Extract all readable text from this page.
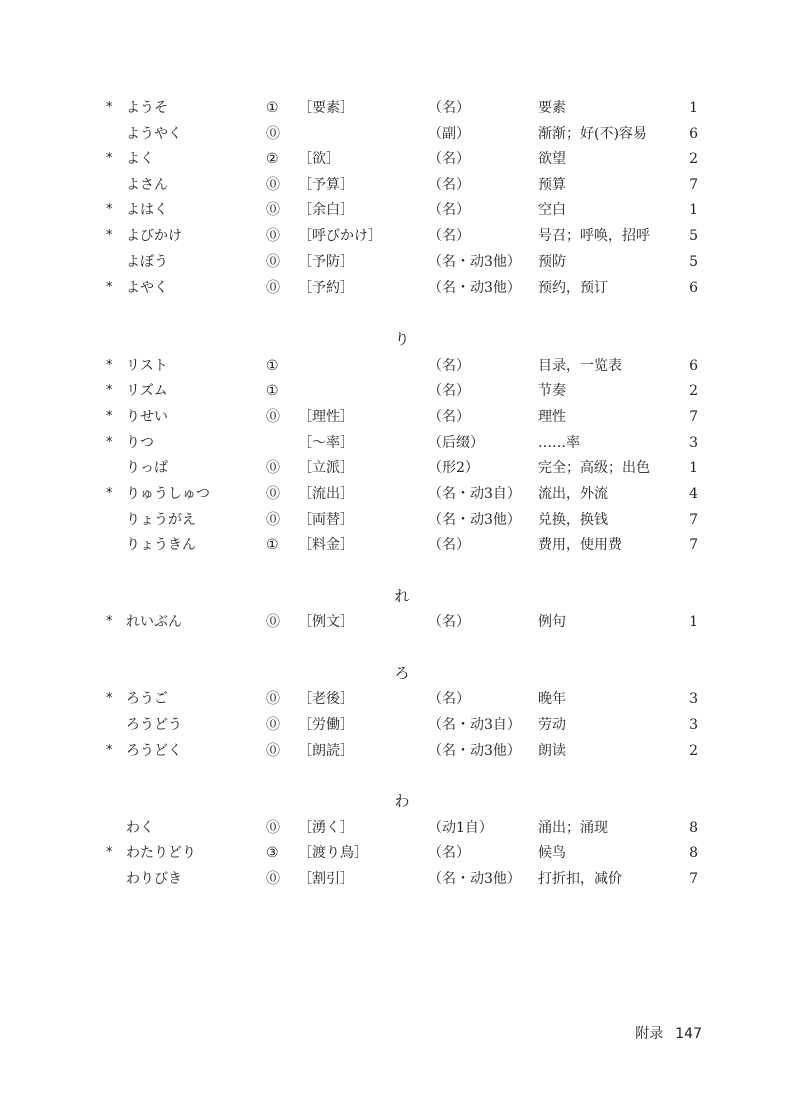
* ようそ	① ［要素］	（名）	要素	1
ようやく	⓪	（副）	渐渐；好(不)容易	6
* よく	② ［欲］	（名）	欲望	2
よさん	⓪ ［予算］	（名）	预算	7
* よはく	⓪ ［余白］	（名）	空白	1
* よびかけ	⓪ ［呼びかけ］	（名）	号召；呼唤，招呼	5
よぼう	⓪ ［予防］	（名・动3他） 预防	5
* よやく	⓪ ［予約］	（名・动3他） 预约，预订	6
り
* リスト	①	（名）	目录，一览表	6
* リズム	①	（名）	节奏	2
* りせい	⓪ ［理性］	（名）	理性	7
* りつ	［～率］	（后缀）	……率	3
りっぱ	⓪ ［立派］	（形2）	完全；高级；出色	1
* りゅうしゅつ	⓪ ［流出］	（名・动3自） 流出，外流	4
りょうがえ	⓪ ［両替］	（名・动3他） 兑换，换钱	7
りょうきん	① ［料金］	（名）	费用，使用费	7
れ
* れいぶん	⓪ ［例文］	（名）	例句	1
ろ
* ろうご	⓪ ［老後］	（名）	晚年	3
ろうどう	⓪ ［労働］	（名・动3自） 劳动	3
* ろうどく	⓪ ［朗読］	（名・动3他） 朗读	2
わ
わく	⓪ ［湧く］	（动1自）	涌出；涌现	8
* わたりどり	③ ［渡り鳥］	（名）	候鸟	8
わりびき	⓪ ［割引］	（名・动3他） 打折扣，减价	7
附录 147
